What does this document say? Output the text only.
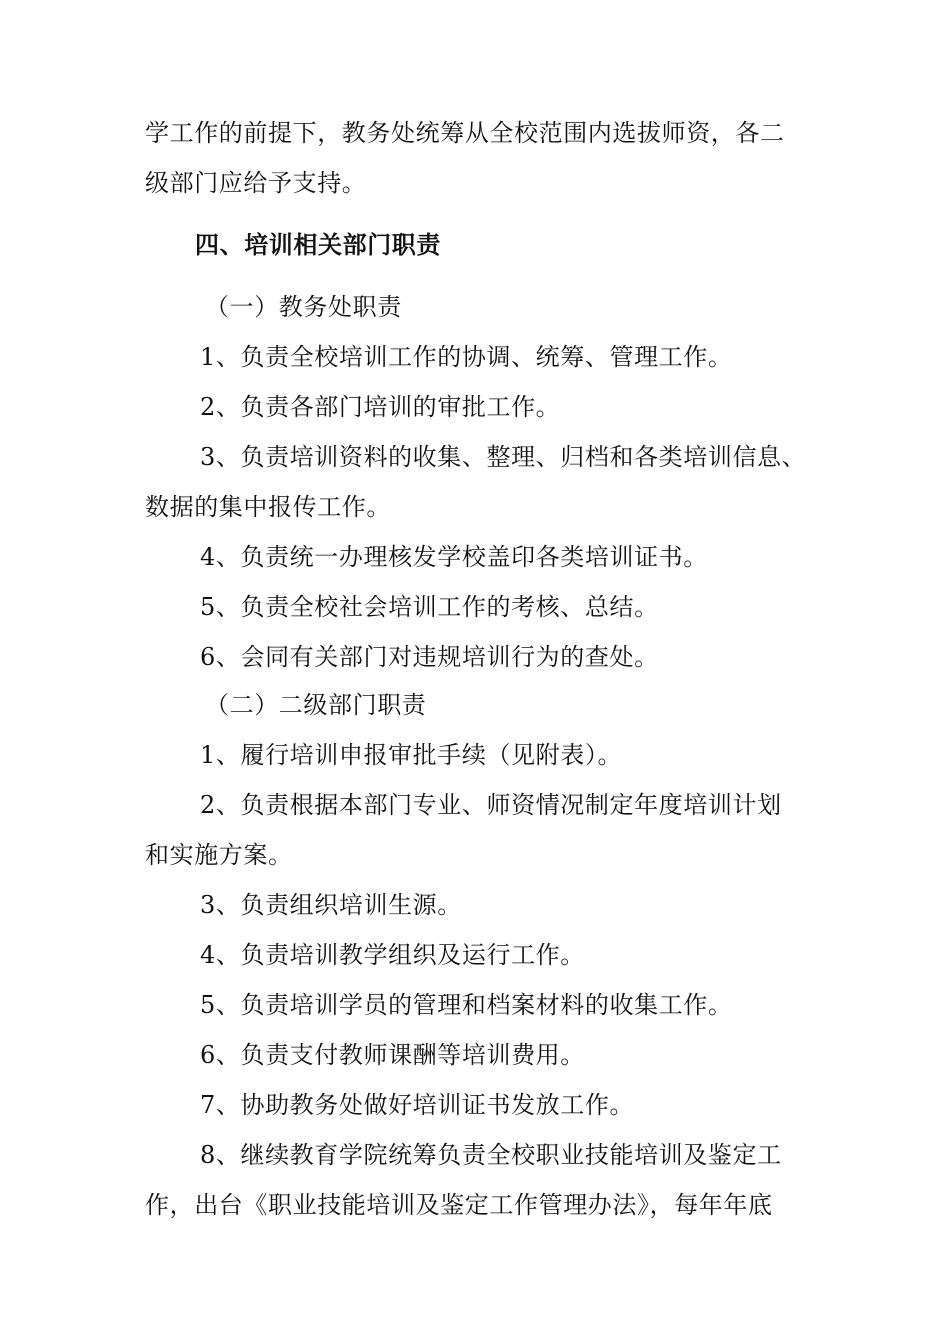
学工作的前提下，教务处统筹从全校范围内选拔师资，各二
级部门应给予支持。
四、培训相关部门职责
（一）教务处职责
1、负责全校培训工作的协调、统筹、管理工作。
2、负责各部门培训的审批工作。
3、负责培训资料的收集、整理、归档和各类培训信息、
数据的集中报传工作。
4、负责统一办理核发学校盖印各类培训证书。
5、负责全校社会培训工作的考核、总结。
6、会同有关部门对违规培训行为的查处。
（二）二级部门职责
1、履行培训申报审批手续（见附表）。
2、负责根据本部门专业、师资情况制定年度培训计划
和实施方案。
3、负责组织培训生源。
4、负责培训教学组织及运行工作。
5、负责培训学员的管理和档案材料的收集工作。
6、负责支付教师课酬等培训费用。
7、协助教务处做好培训证书发放工作。
8、继续教育学院统筹负责全校职业技能培训及鉴定工
作，出台《职业技能培训及鉴定工作管理办法》，每年年底
